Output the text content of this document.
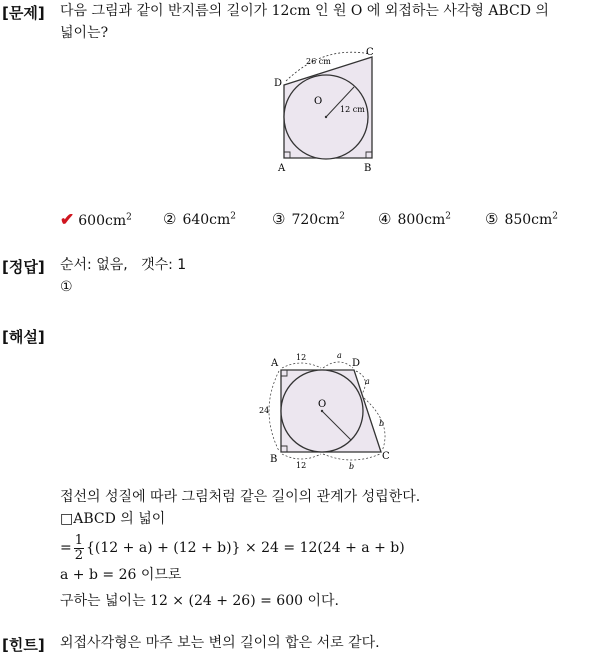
[문제] 다음 그림과 같이 반지름의 길이가 12cm 인 원 O 에 외접하는 사각형 ABCD 의
넓이는?
D
C
A	B
O
26 cm
12 cm
✔ $600cm^2$ ② $640cm^2$ ③ $720cm^2$ ④ $800cm^2$ ⑤ $850cm^2$
[정답] 순서: 없음,   갯수: 1
①
[해설]
A	D
B	C
O
12	a
24
a
b
12	b
접선의 성질에 따라 그림처럼 같은 길이의 관계가 성립한다.
□ABCD 의 넓이
= $\frac{1}{2} \{(12 + a) + (12 + b)\} \times 24 = 12(24 + a + b)$
a + b = 26 이므로
구하는 넓이는 12 × (24 + 26) = 600 이다.
[힌트] 외접사각형은 마주 보는 변의 길이의 합은 서로 같다.
